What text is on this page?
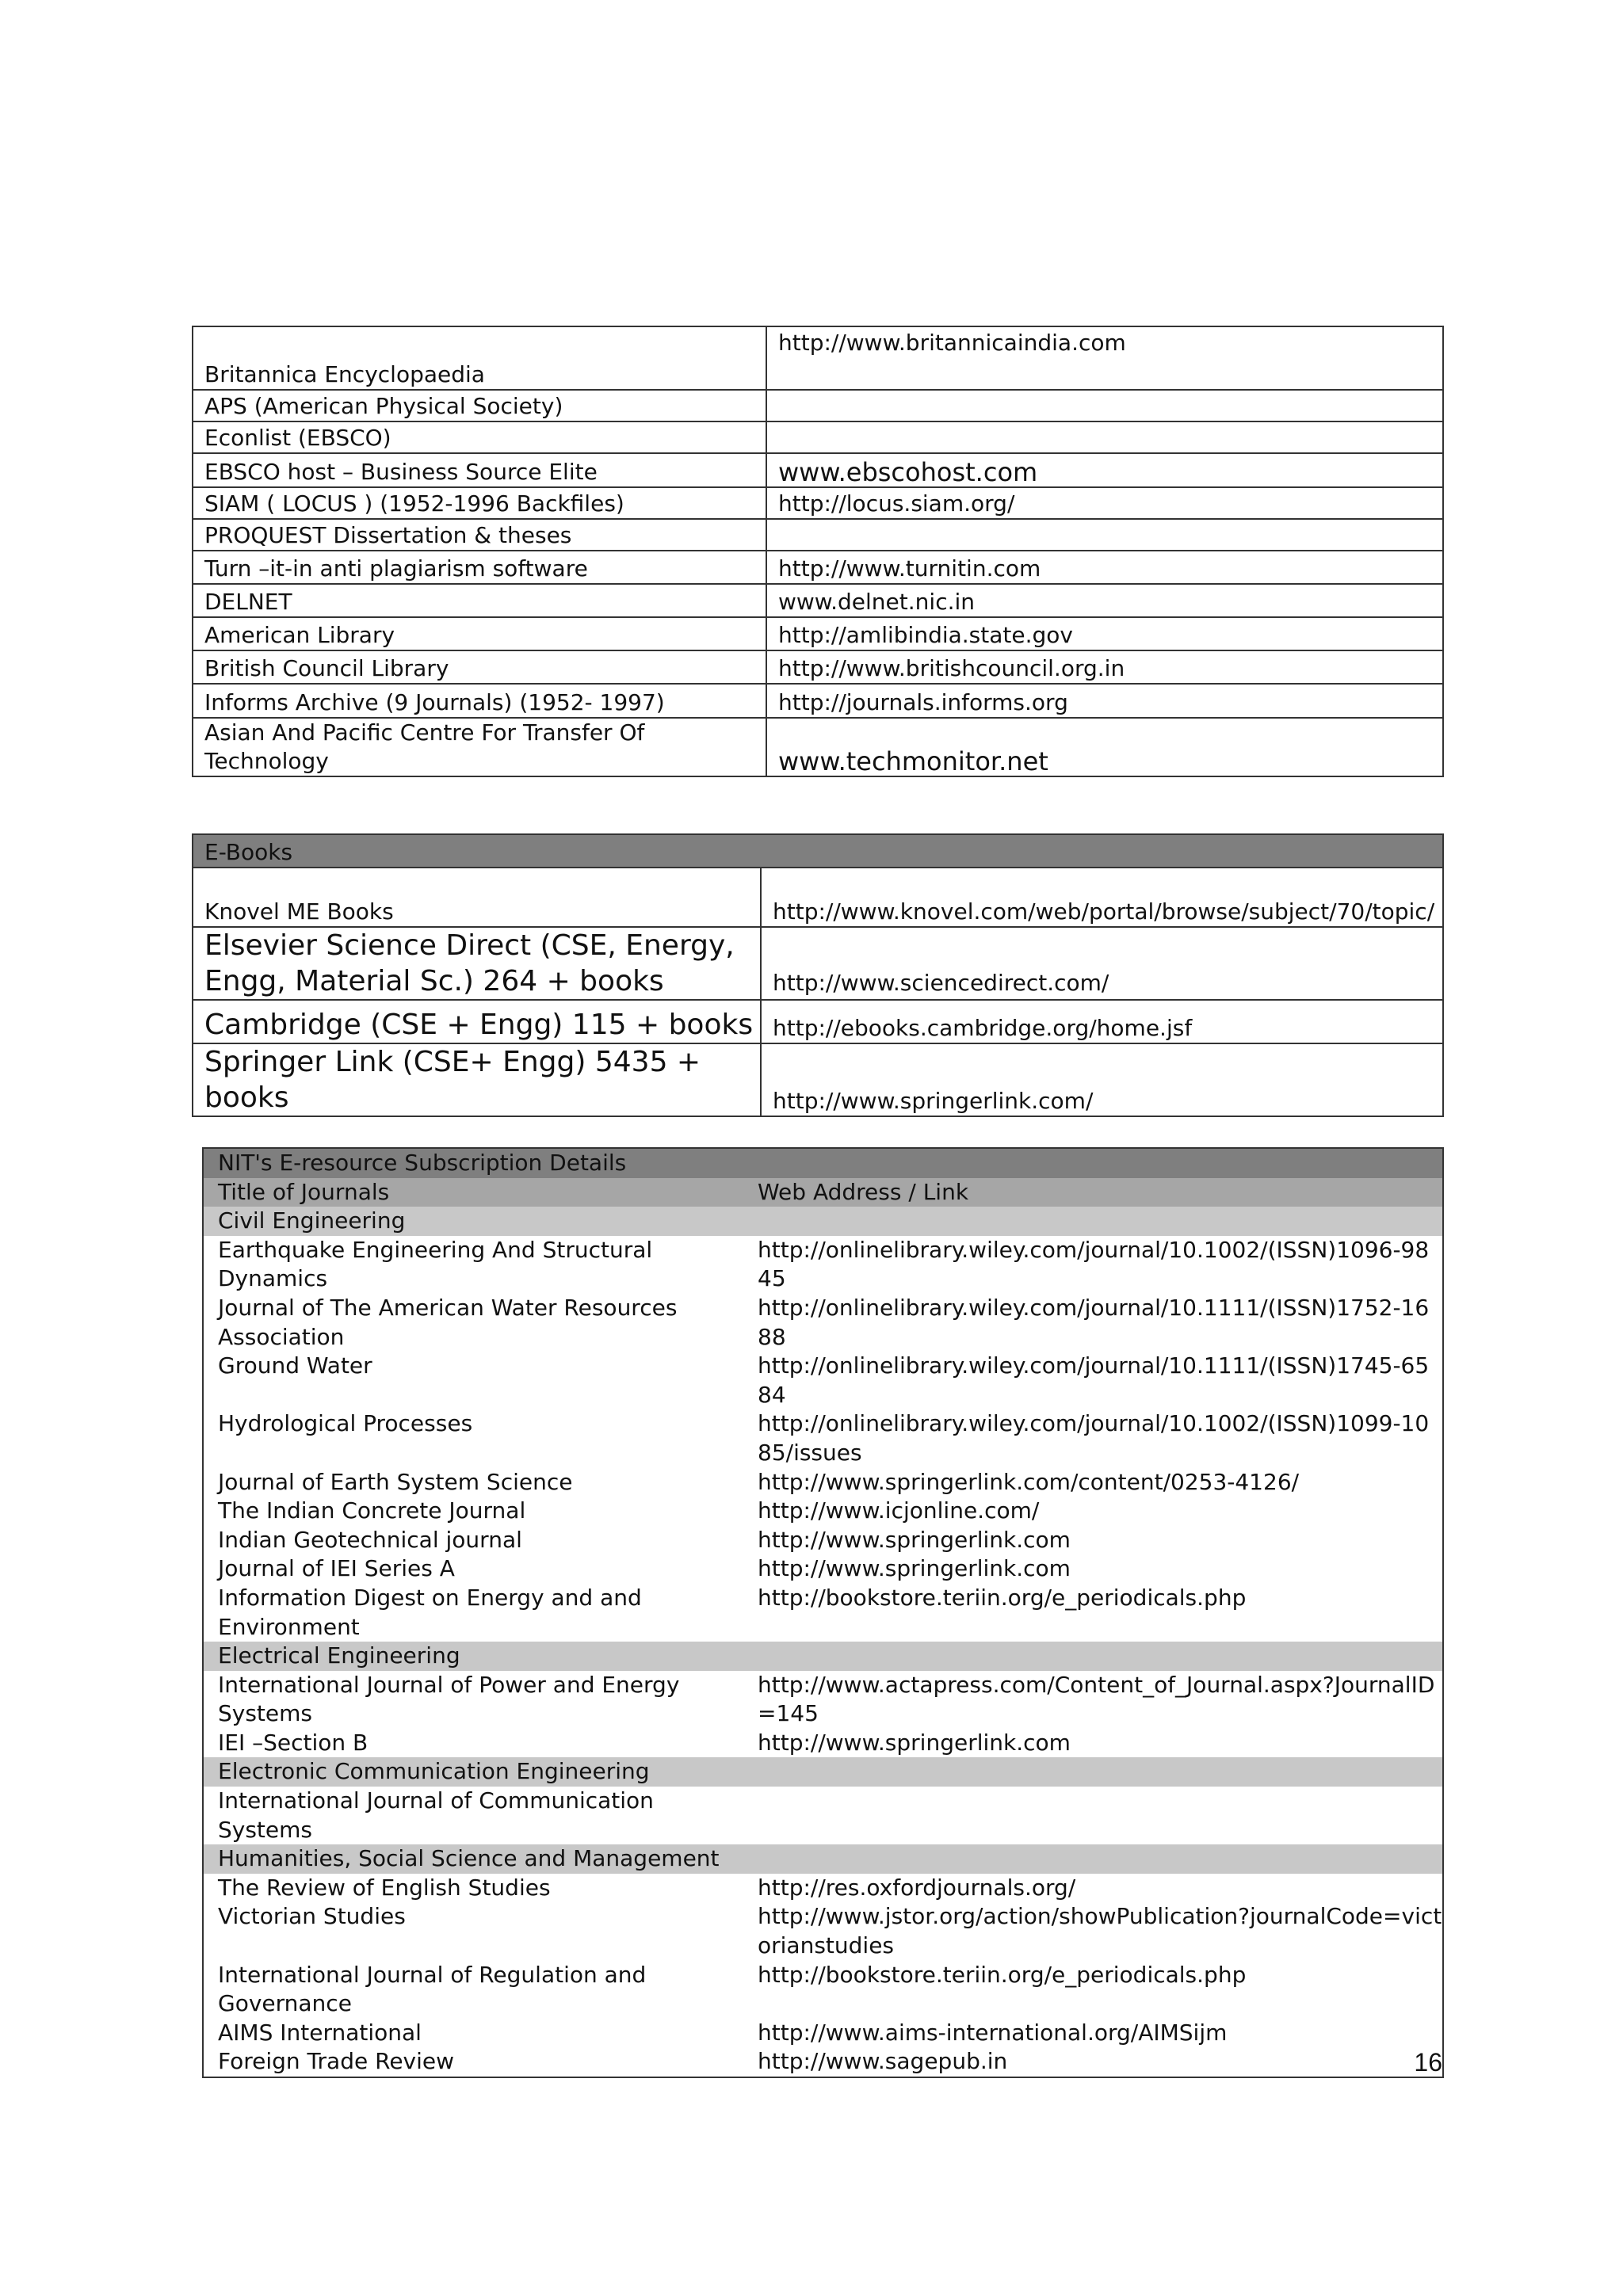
Britannica Encyclopaedia	http://www.britannicaindia.com
APS (American Physical Society)	
Econlist (EBSCO)	
EBSCO host – Business Source Elite	www.ebscohost.com
SIAM ( LOCUS ) (1952-1996 Backfiles)	http://locus.siam.org/
PROQUEST Dissertation & theses	
Turn –it-in anti plagiarism software	http://www.turnitin.com
DELNET	www.delnet.nic.in
American Library	http://amlibindia.state.gov
British Council Library	http://www.britishcouncil.org.in
Informs Archive (9 Journals) (1952- 1997)	http://journals.informs.org
Asian And Pacific Centre For Transfer Of Technology	www.techmonitor.net
E-Books	
Knovel ME Books	http://www.knovel.com/web/portal/browse/subject/70/topic/
Elsevier Science Direct (CSE, Energy, Engg, Material Sc.) 264 + books	http://www.sciencedirect.com/
Cambridge (CSE + Engg) 115 + books	http://ebooks.cambridge.org/home.jsf
Springer Link (CSE+ Engg) 5435 + books	http://www.springerlink.com/
NIT's E-resource Subscription Details	
Title of Journals	Web Address / Link
Civil Engineering	
Earthquake Engineering And Structural Dynamics	http://onlinelibrary.wiley.com/journal/10.1002/(ISSN)1096-9845
Journal of The American Water Resources Association	http://onlinelibrary.wiley.com/journal/10.1111/(ISSN)1752-1688
Ground Water	http://onlinelibrary.wiley.com/journal/10.1111/(ISSN)1745-6584
Hydrological Processes	http://onlinelibrary.wiley.com/journal/10.1002/(ISSN)1099-1085/issues
Journal of Earth System Science	http://www.springerlink.com/content/0253-4126/
The Indian Concrete Journal	http://www.icjonline.com/
Indian Geotechnical journal	http://www.springerlink.com
Journal of IEI Series A	http://www.springerlink.com
Information Digest on Energy and and Environment	http://bookstore.teriin.org/e_periodicals.php
Electrical Engineering	
International Journal of Power and Energy Systems	http://www.actapress.com/Content_of_Journal.aspx?JournalID=145
IEI –Section B	http://www.springerlink.com
Electronic Communication Engineering	
International Journal of Communication Systems	
Humanities, Social Science and Management	
The Review of English Studies	http://res.oxfordjournals.org/
Victorian Studies	http://www.jstor.org/action/showPublication?journalCode=victorianstudies
International Journal of Regulation and Governance	http://bookstore.teriin.org/e_periodicals.php
AIMS International	http://www.aims-international.org/AIMSijm
Foreign Trade Review	http://www.sagepub.in	16
